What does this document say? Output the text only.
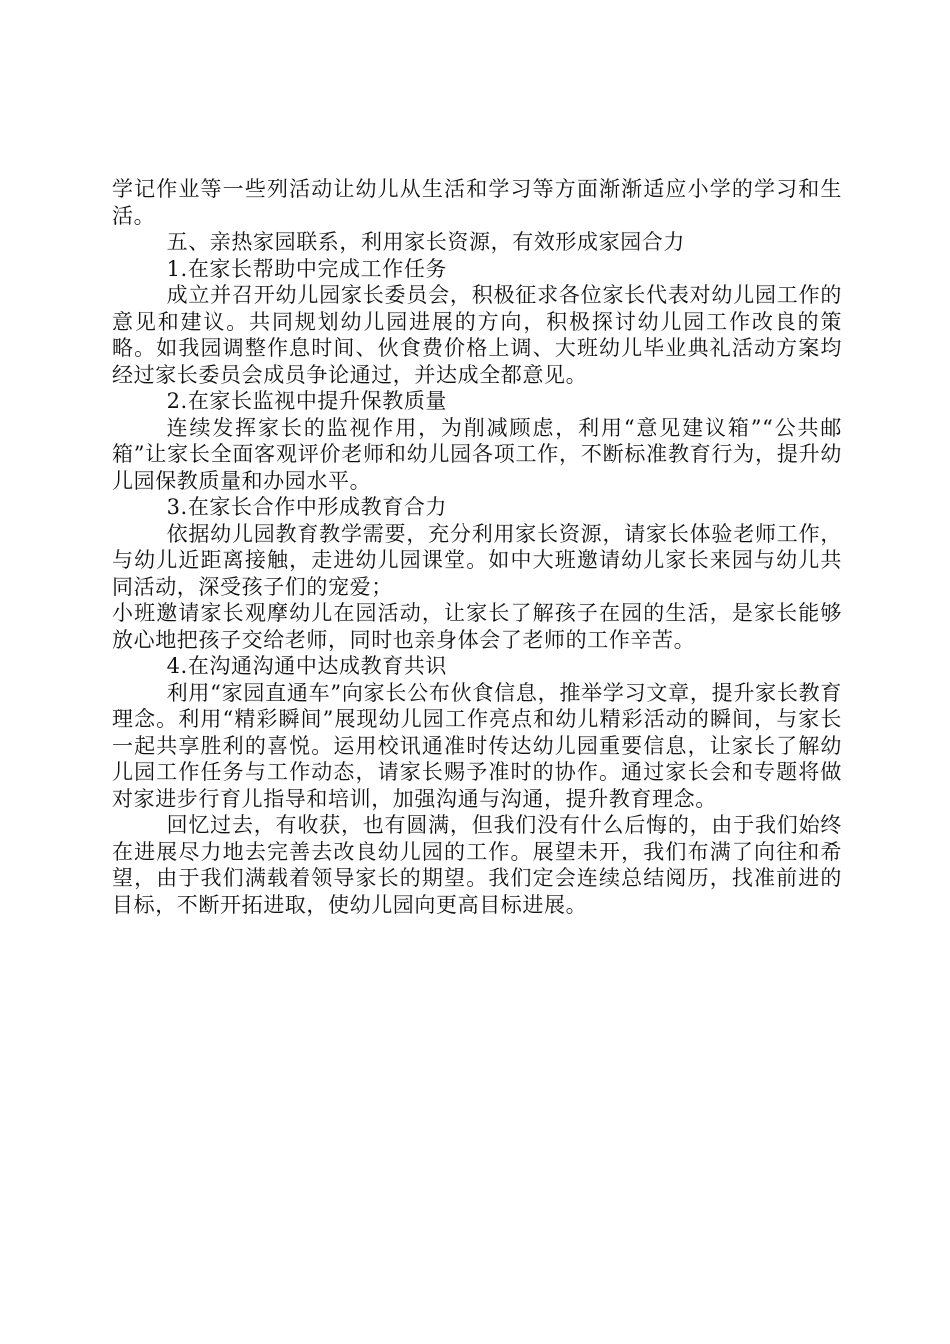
学记作业等一些列活动让幼儿从生活和学习等方面渐渐适应小学的学习和生活。

五、亲热家园联系，利用家长资源，有效形成家园合力

1.在家长帮助中完成工作任务

成立并召开幼儿园家长委员会，积极征求各位家长代表对幼儿园工作的意见和建议。共同规划幼儿园进展的方向，积极探讨幼儿园工作改良的策略。如我园调整作息时间、伙食费价格上调、大班幼儿毕业典礼活动方案均经过家长委员会成员争论通过，并达成全都意见。

2.在家长监视中提升保教质量

连续发挥家长的监视作用，为削减顾虑，利用“意见建议箱”“公共邮箱”让家长全面客观评价老师和幼儿园各项工作，不断标准教育行为，提升幼儿园保教质量和办园水平。

3.在家长合作中形成教育合力

依据幼儿园教育教学需要，充分利用家长资源，请家长体验老师工作，与幼儿近距离接触，走进幼儿园课堂。如中大班邀请幼儿家长来园与幼儿共同活动，深受孩子们的宠爱；

小班邀请家长观摩幼儿在园活动，让家长了解孩子在园的生活，是家长能够放心地把孩子交给老师，同时也亲身体会了老师的工作辛苦。

4.在沟通沟通中达成教育共识

利用“家园直通车”向家长公布伙食信息，推举学习文章，提升家长教育理念。利用“精彩瞬间”展现幼儿园工作亮点和幼儿精彩活动的瞬间，与家长一起共享胜利的喜悦。运用校讯通准时传达幼儿园重要信息，让家长了解幼儿园工作任务与工作动态，请家长赐予准时的协作。通过家长会和专题将做对家进步行育儿指导和培训，加强沟通与沟通，提升教育理念。

回忆过去，有收获，也有圆满，但我们没有什么后悔的，由于我们始终在进展尽力地去完善去改良幼儿园的工作。展望未开，我们布满了向往和希望，由于我们满载着领导家长的期望。我们定会连续总结阅历，找准前进的目标，不断开拓进取，使幼儿园向更高目标进展。
